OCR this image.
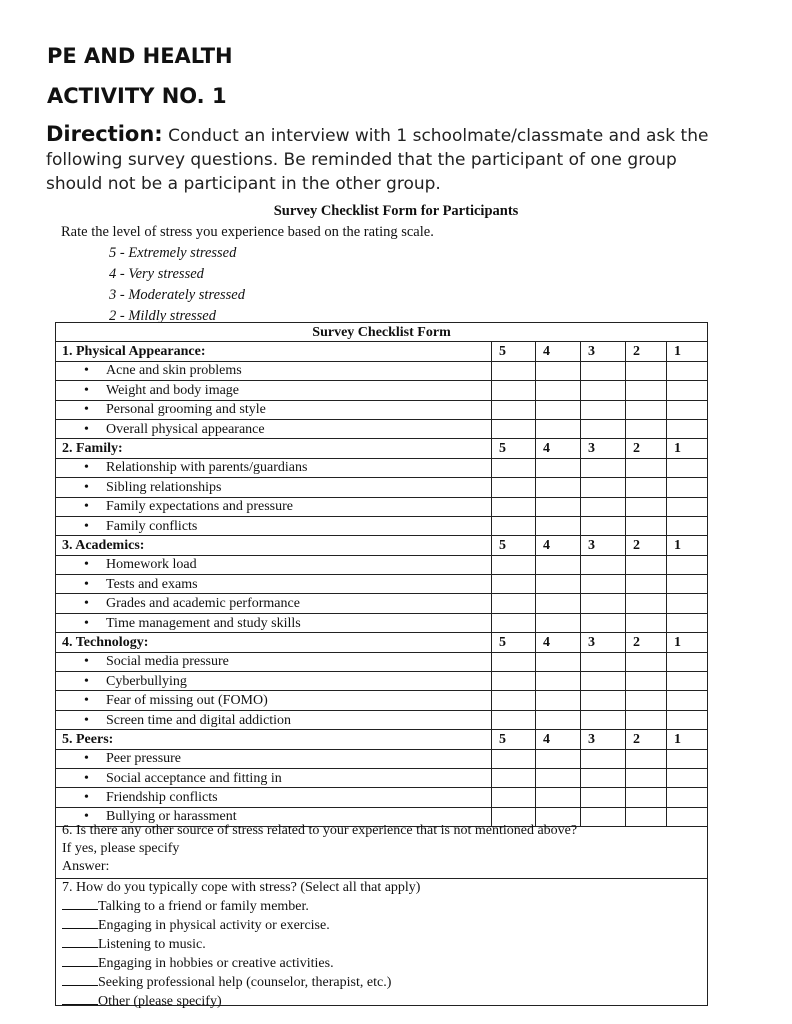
PE AND HEALTH
ACTIVITY NO. 1
Direction: Conduct an interview with 1 schoolmate/classmate and ask the following survey questions. Be reminded that the participant of one group should not be a participant in the other group.
Survey Checklist Form for Participants
Rate the level of stress you experience based on the rating scale.
5 - Extremely stressed
4 - Very stressed
3 - Moderately stressed
2 - Mildly stressed
Survey Checklist Form					
1. Physical Appearance:	5	4	3	2	1
• Acne and skin problems					
• Weight and body image					
• Personal grooming and style					
• Overall physical appearance					
2. Family:	5	4	3	2	1
• Relationship with parents/guardians					
• Sibling relationships					
• Family expectations and pressure					
• Family conflicts					
3. Academics:	5	4	3	2	1
• Homework load					
• Tests and exams					
• Grades and academic performance					
• Time management and study skills					
4. Technology:	5	4	3	2	1
• Social media pressure					
• Cyberbullying					
• Fear of missing out (FOMO)					
• Screen time and digital addiction					
5. Peers:	5	4	3	2	1
• Peer pressure					
• Social acceptance and fitting in					
• Friendship conflicts					
• Bullying or harassment					
6. Is there any other source of stress related to your experience that is not mentioned above?
If yes, please specify
Answer:
7. How do you typically cope with stress? (Select all that apply)
Talking to a friend or family member.
Engaging in physical activity or exercise.
Listening to music.
Engaging in hobbies or creative activities.
Seeking professional help (counselor, therapist, etc.)
Other (please specify)
